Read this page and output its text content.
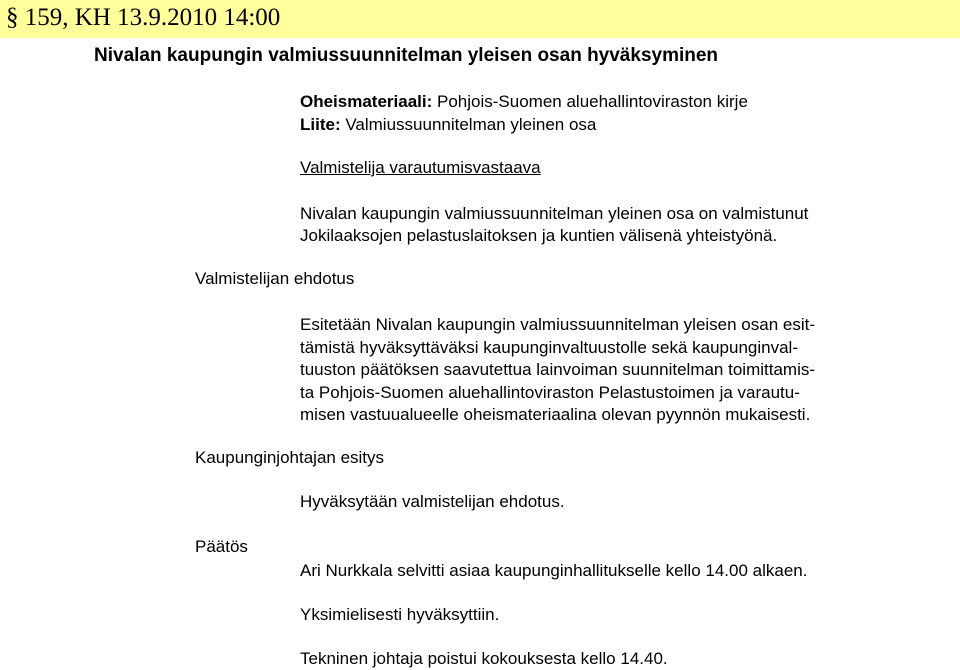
§ 159, KH 13.9.2010 14:00
Nivalan kaupungin valmiussuunnitelman yleisen osan hyväksyminen
Oheismateriaali: Pohjois-Suomen aluehallintoviraston kirje
Liite: Valmiussuunnitelman yleinen osa
Valmistelija varautumisvastaava
Nivalan kaupungin valmiussuunnitelman yleinen osa on valmistunut
Jokilaaksojen pelastuslaitoksen ja kuntien välisenä yhteistyönä.
Valmistelijan ehdotus
Esitetään Nivalan kaupungin valmiussuunnitelman yleisen osan esit-
tämistä hyväksyttäväksi kaupunginvaltuustolle sekä kaupunginval-
tuuston päätöksen saavutettua lainvoiman suunnitelman toimittamis-
ta Pohjois-Suomen aluehallintoviraston Pelastustoimen ja varautu-
misen vastuualueelle oheismateriaalina olevan pyynnön mukaisesti.
Kaupunginjohtajan esitys
Hyväksytään valmistelijan ehdotus.
Päätös
Ari Nurkkala selvitti asiaa kaupunginhallitukselle kello 14.00 alkaen.
Yksimielisesti hyväksyttiin.
Tekninen johtaja poistui kokouksesta kello 14.40.
